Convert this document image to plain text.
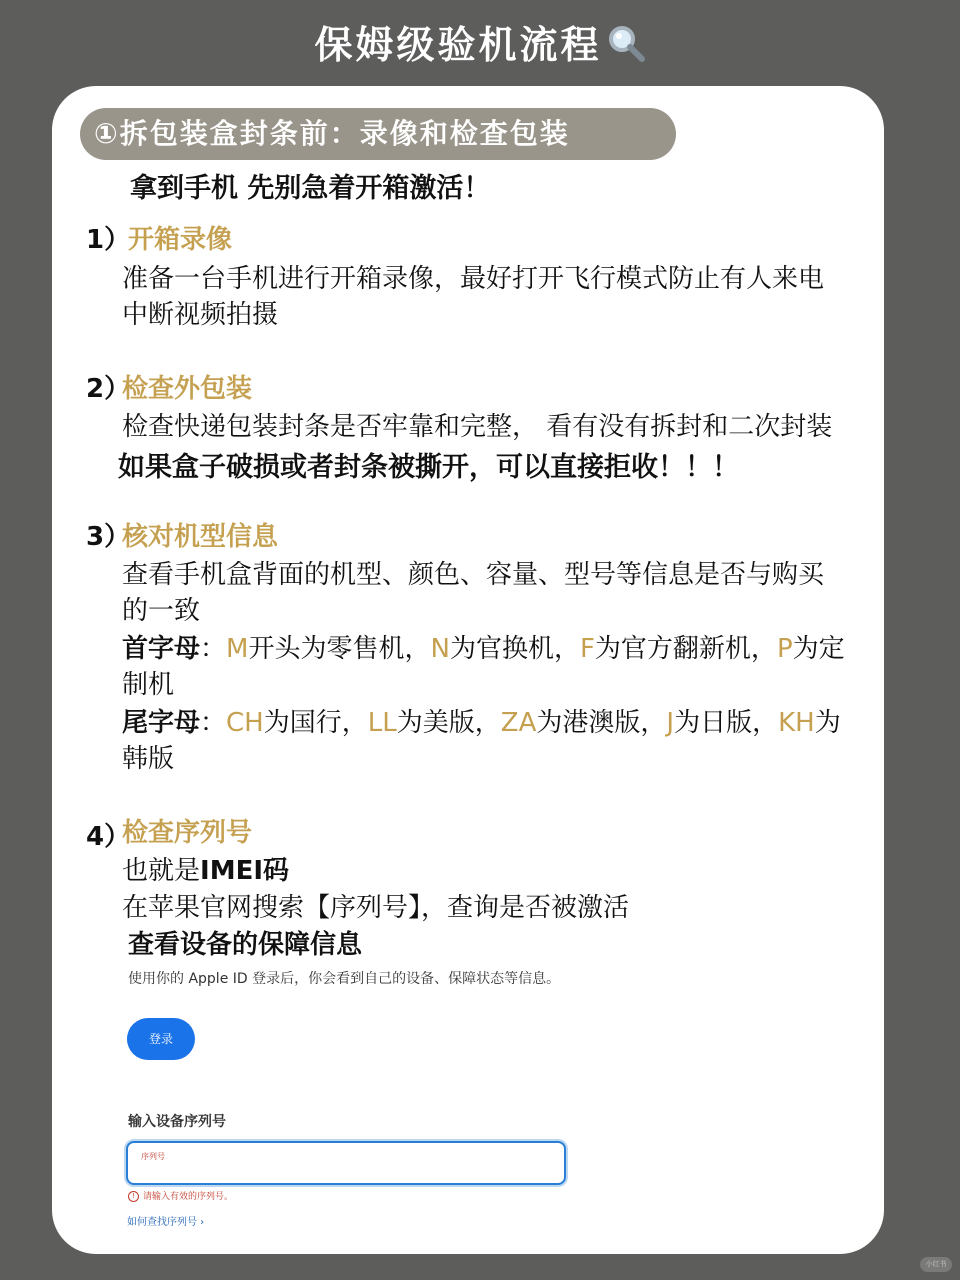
保姆级验机流程
①拆包装盒封条前：录像和检查包装
拿到手机 先别急着开箱激活！
1）
开箱录像
准备一台手机进行开箱录像，最好打开飞行模式防止有人来电
中断视频拍摄
2）
检查外包装
检查快递包装封条是否牢靠和完整， 看有没有拆封和二次封装
如果盒子破损或者封条被撕开，可以直接拒收！！！
3）
核对机型信息
查看手机盒背面的机型、颜色、容量、型号等信息是否与购买
的一致
首字母：M开头为零售机，N为官换机，F为官方翻新机，P为定
制机
尾字母：CH为国行，LL为美版，ZA为港澳版，J为日版，KH为
韩版
4）
检查序列号
也就是IMEI码
在苹果官网搜索【序列号】，查询是否被激活
查看设备的保障信息
使用你的 Apple ID 登录后，你会看到自己的设备、保障状态等信息。
登录
输入设备序列号
序列号
! 请输入有效的序列号。
如何查找序列号 ›
小红书
